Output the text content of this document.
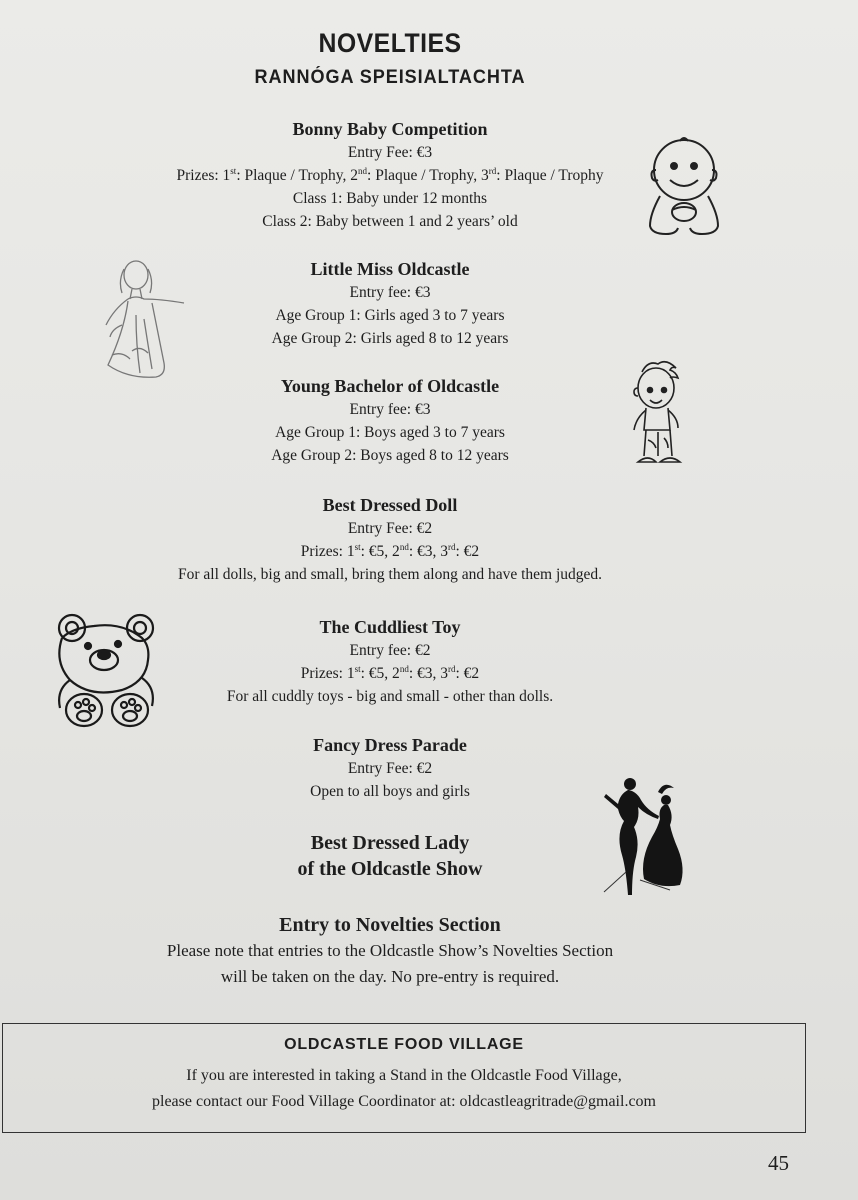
NOVELTIES
RANNÓGA SPEISIALTACHTA
Bonny Baby Competition
Entry Fee: €3
Prizes: 1st: Plaque / Trophy, 2nd: Plaque / Trophy, 3rd: Plaque / Trophy
Class 1: Baby under 12 months
Class 2: Baby between 1 and 2 years’ old
Little Miss Oldcastle
Entry fee: €3
Age Group 1: Girls aged 3 to 7 years
Age Group 2: Girls aged 8 to 12 years
Young Bachelor of Oldcastle
Entry fee: €3
Age Group 1: Boys aged 3 to 7 years
Age Group 2: Boys aged 8 to 12 years
Best Dressed Doll
Entry Fee: €2
Prizes: 1st: €5, 2nd: €3, 3rd: €2
For all dolls, big and small, bring them along and have them judged.
The Cuddliest Toy
Entry fee: €2
Prizes: 1st: €5, 2nd: €3, 3rd: €2
For all cuddly toys - big and small - other than dolls.
Fancy Dress Parade
Entry Fee: €2
Open to all boys and girls
Best Dressed Lady
of the Oldcastle Show
Entry to Novelties Section
Please note that entries to the Oldcastle Show’s Novelties Section
will be taken on the day. No pre-entry is required.
OLDCASTLE FOOD VILLAGE
If you are interested in taking a Stand in the Oldcastle Food Village,
please contact our Food Village Coordinator at: oldcastleagritrade@gmail.com
45
